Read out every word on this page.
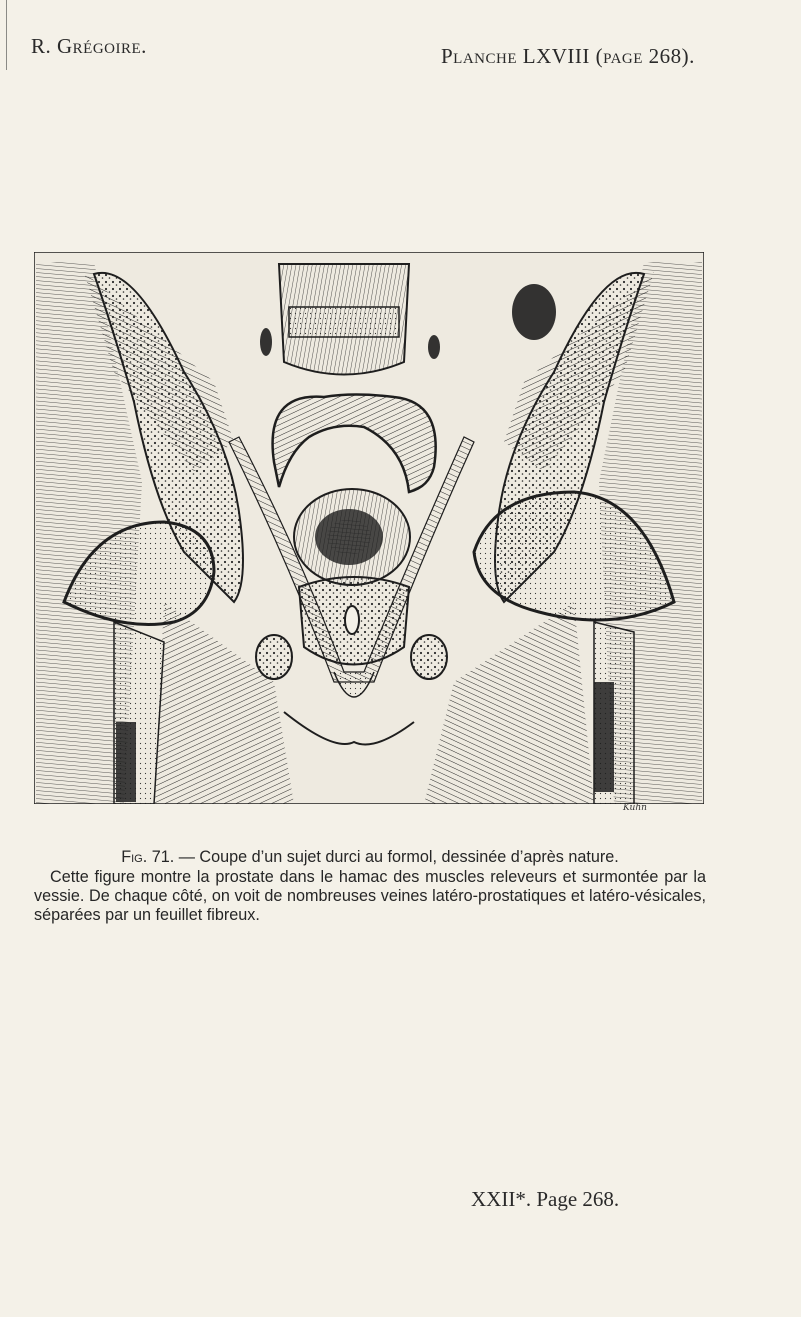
R. Grégoire.	Planche LXVIII (page 268).
Kuhn
Fig. 71. — Coupe d’un sujet durci au formol, dessinée d’après nature.

Cette figure montre la prostate dans le hamac des muscles releveurs et surmontée par la vessie. De chaque côté, on voit de nombreuses veines latéro-prostatiques et latéro-vésicales, séparées par un feuillet fibreux.

XXII*. Page 268.
